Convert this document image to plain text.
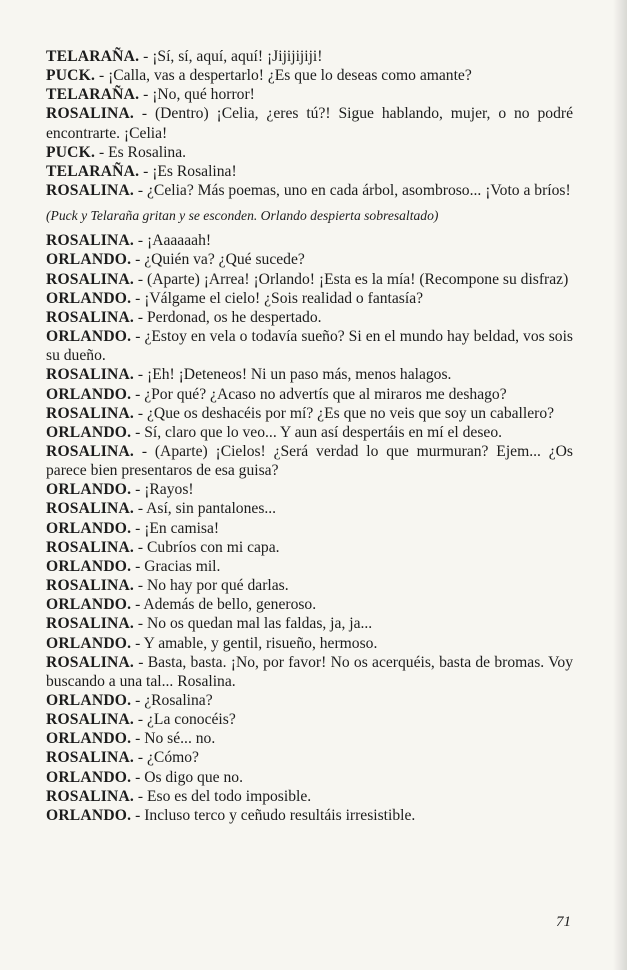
TELARAÑA. - ¡Sí, sí, aquí, aquí! ¡Jijijijiji!

PUCK. - ¡Calla, vas a despertarlo! ¿Es que lo deseas como amante?

TELARAÑA. - ¡No, qué horror!

ROSALINA. - (Dentro) ¡Celia, ¿eres tú?! Sigue hablando, mujer, o no podré encontrarte. ¡Celia!

PUCK. - Es Rosalina.

TELARAÑA. - ¡Es Rosalina!

ROSALINA. - ¿Celia? Más poemas, uno en cada árbol, asombroso... ¡Voto a bríos!

(Puck y Telaraña gritan y se esconden. Orlando despierta sobresaltado)

ROSALINA. - ¡Aaaaaah!

ORLANDO. - ¿Quién va? ¿Qué sucede?

ROSALINA. - (Aparte) ¡Arrea! ¡Orlando! ¡Esta es la mía! (Recompone su disfraz)

ORLANDO. - ¡Válgame el cielo! ¿Sois realidad o fantasía?

ROSALINA. - Perdonad, os he despertado.

ORLANDO. - ¿Estoy en vela o todavía sueño? Si en el mundo hay beldad, vos sois su dueño.

ROSALINA. - ¡Eh! ¡Deteneos! Ni un paso más, menos halagos.

ORLANDO. - ¿Por qué? ¿Acaso no advertís que al miraros me deshago?

ROSALINA. - ¿Que os deshacéis por mí? ¿Es que no veis que soy un caballero?

ORLANDO. - Sí, claro que lo veo... Y aun así despertáis en mí el deseo.

ROSALINA. - (Aparte) ¡Cielos! ¿Será verdad lo que murmuran? Ejem... ¿Os parece bien presentaros de esa guisa?

ORLANDO. - ¡Rayos!

ROSALINA. - Así, sin pantalones...

ORLANDO. - ¡En camisa!

ROSALINA. - Cubríos con mi capa.

ORLANDO. - Gracias mil.

ROSALINA. - No hay por qué darlas.

ORLANDO. - Además de bello, generoso.

ROSALINA. - No os quedan mal las faldas, ja, ja...

ORLANDO. - Y amable, y gentil, risueño, hermoso.

ROSALINA. - Basta, basta. ¡No, por favor! No os acerquéis, basta de bromas. Voy buscando a una tal... Rosalina.

ORLANDO. - ¿Rosalina?

ROSALINA. - ¿La conocéis?

ORLANDO. - No sé... no.

ROSALINA. - ¿Cómo?

ORLANDO. - Os digo que no.

ROSALINA. - Eso es del todo imposible.

ORLANDO. - Incluso terco y ceñudo resultáis irresistible.

71
